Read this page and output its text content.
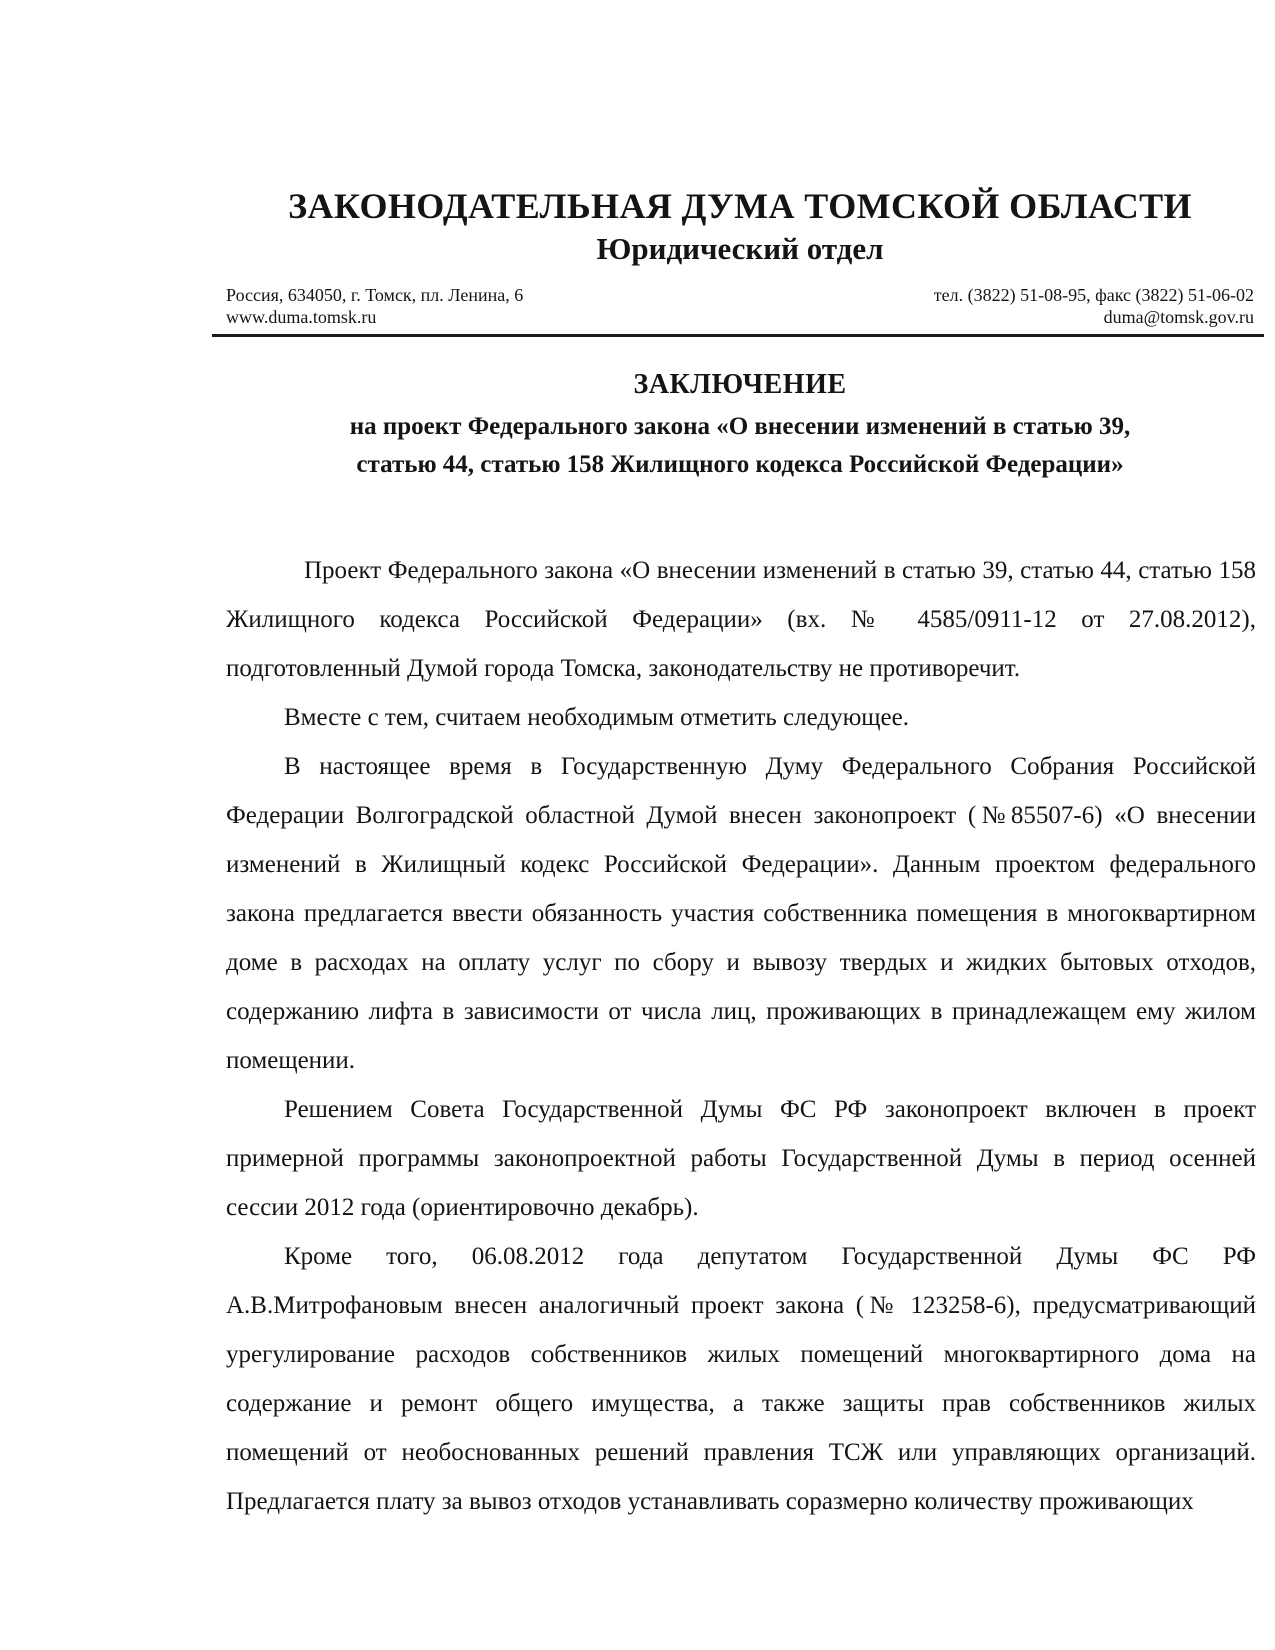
ЗАКОНОДАТЕЛЬНАЯ ДУМА ТОМСКОЙ ОБЛАСТИ
Юридический отдел
Россия, 634050, г. Томск, пл. Ленина, 6	тел. (3822) 51-08-95, факс (3822) 51-06-02
www.duma.tomsk.ru	duma@tomsk.gov.ru
ЗАКЛЮЧЕНИЕ
на проект Федерального закона «О внесении изменений в статью 39,
статью 44, статью 158 Жилищного кодекса Российской Федерации»

Проект Федерального закона «О внесении изменений в статью 39, статью 44, статью 158 Жилищного кодекса Российской Федерации» (вх. № 4585/0911-12 от 27.08.2012), подготовленный Думой города Томска, законодательству не противоречит.

Вместе с тем, считаем необходимым отметить следующее.

В настоящее время в Государственную Думу Федерального Собрания Российской Федерации Волгоградской областной Думой внесен законопроект (№85507-6) «О внесении изменений в Жилищный кодекс Российской Федерации». Данным проектом федерального закона предлагается ввести обязанность участия собственника помещения в многоквартирном доме в расходах на оплату услуг по сбору и вывозу твердых и жидких бытовых отходов, содержанию лифта в зависимости от числа лиц, проживающих в принадлежащем ему жилом помещении.

Решением Совета Государственной Думы ФС РФ законопроект включен в проект примерной программы законопроектной работы Государственной Думы в период осенней сессии 2012 года (ориентировочно декабрь).

Кроме того, 06.08.2012 года депутатом Государственной Думы ФС РФ А.В.Митрофановым внесен аналогичный проект закона (№ 123258-6), предусматривающий урегулирование расходов собственников жилых помещений многоквартирного дома на содержание и ремонт общего имущества, а также защиты прав собственников жилых помещений от необоснованных решений правления ТСЖ или управляющих организаций. Предлагается плату за вывоз отходов устанавливать соразмерно количеству проживающих
